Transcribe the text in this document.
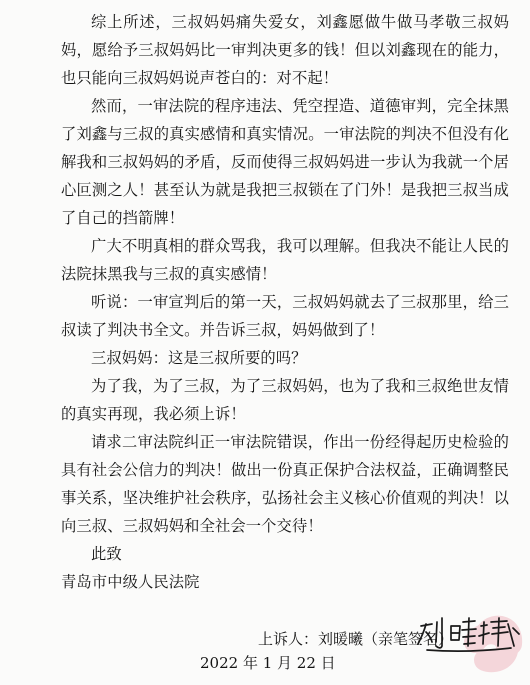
综上所述，三叔妈妈痛失爱女，刘鑫愿做牛做马孝敬三叔妈妈，愿给予三叔妈妈比一审判决更多的钱！但以刘鑫现在的能力，也只能向三叔妈妈说声苍白的：对不起！

然而，一审法院的程序违法、凭空捏造、道德审判，完全抹黑了刘鑫与三叔的真实感情和真实情况。一审法院的判决不但没有化解我和三叔妈妈的矛盾，反而使得三叔妈妈进一步认为我就一个居心叵测之人！甚至认为就是我把三叔锁在了门外！是我把三叔当成了自己的挡箭牌！

广大不明真相的群众骂我，我可以理解。但我决不能让人民的法院抹黑我与三叔的真实感情！

听说：一审宣判后的第一天，三叔妈妈就去了三叔那里，给三叔读了判决书全文。并告诉三叔，妈妈做到了！

三叔妈妈：这是三叔所要的吗？

为了我，为了三叔，为了三叔妈妈，也为了我和三叔绝世友情的真实再现，我必须上诉！

请求二审法院纠正一审法院错误，作出一份经得起历史检验的具有社会公信力的判决！做出一份真正保护合法权益，正确调整民事关系，坚决维护社会秩序，弘扬社会主义核心价值观的判决！以向三叔、三叔妈妈和全社会一个交待！

此致

青岛市中级人民法院

上诉人：刘暖曦（亲笔签名）
2022 年 1 月 22 日
